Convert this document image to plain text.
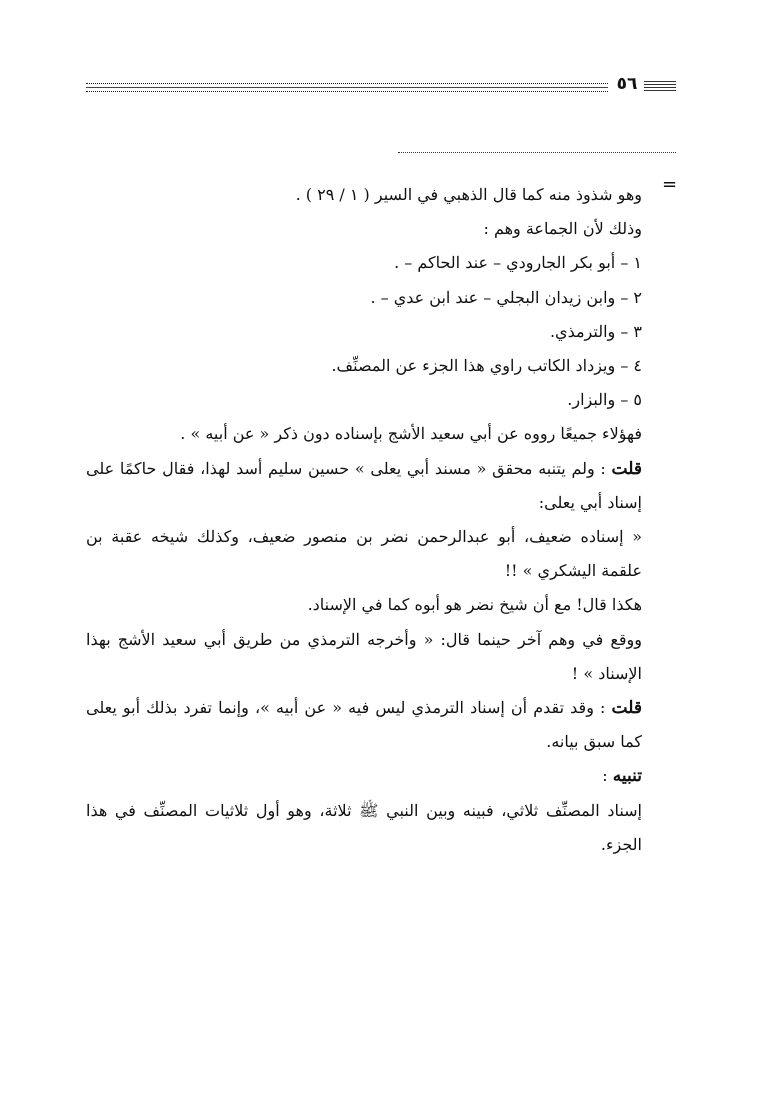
٥٦
=
وهو شذوذ منه كما قال الذهبي في السير ( ١ / ٢٩ ) .
وذلك لأن الجماعة وهم :
١ – أبو بكر الجارودي – عند الحاكم – .
٢ – وابن زيدان البجلي – عند ابن عدي – .
٣ – والترمذي.
٤ – ويزداد الكاتب راوي هذا الجزء عن المصنِّف.
٥ – والبزار.
فهؤلاء جميعًا رووه عن أبي سعيد الأشج بإسناده دون ذكر « عن أبيه » .
قلت : ولم يتنبه محقق « مسند أبي يعلى » حسين سليم أسد لهذا، فقال حاكمًا على
إسناد أبي يعلى:
« إسناده ضعيف، أبو عبدالرحمن نضر بن منصور ضعيف، وكذلك شيخه عقبة بن
علقمة اليشكري » !!
هكذا قال! مع أن شيخ نضر هو أبوه كما في الإسناد.
ووقع في وهم آخر حينما قال: « وأخرجه الترمذي من طريق أبي سعيد الأشج بهذا
الإسناد » !
قلت : وقد تقدم أن إسناد الترمذي ليس فيه « عن أبيه »، وإنما تفرد بذلك أبو يعلى
كما سبق بيانه.
تنبيه :
إسناد المصنِّف ثلاثي، فبينه وبين النبي ﷺ ثلاثة، وهو أول ثلاثيات المصنِّف في هذا
الجزء.
